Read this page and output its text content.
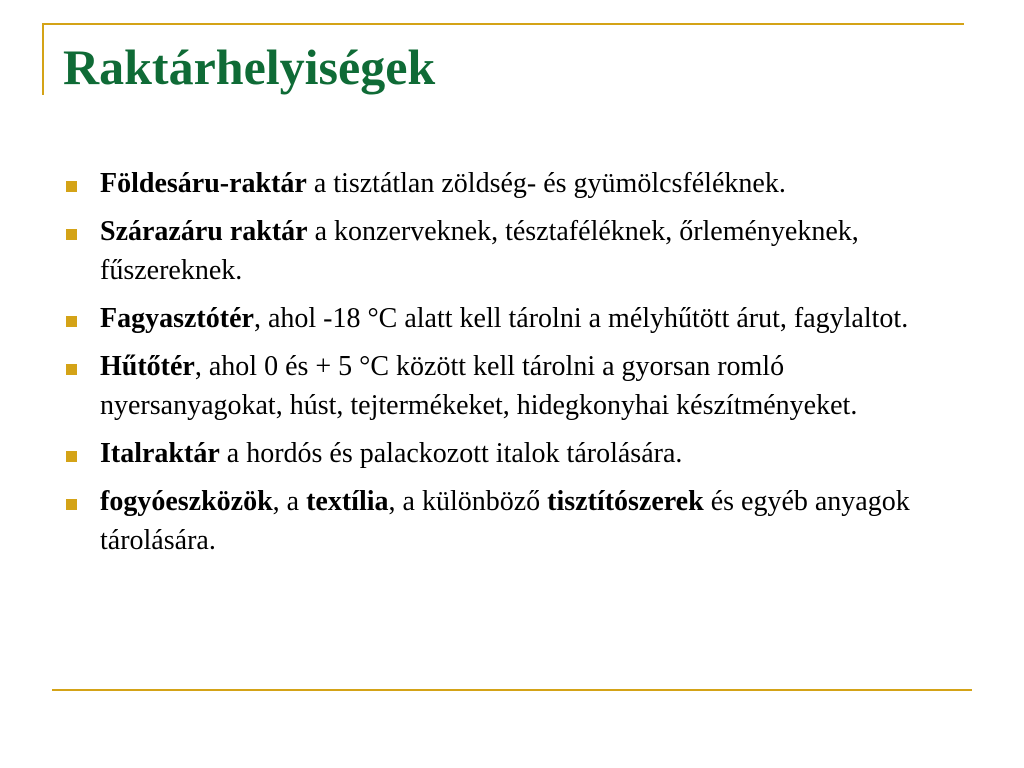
Raktárhelyiségek
Földesáru-raktár a tisztátlan zöldség- és gyümölcsféléknek.
Szárazáru raktár a konzerveknek, tésztaféléknek, őrleményeknek, fűszereknek.
Fagyasztótér, ahol -18 °C alatt kell tárolni a mélyhűtött árut, fagylaltot.
Hűtőtér, ahol 0 és + 5 °C között kell tárolni a gyorsan romló nyersanyagokat, húst, tejtermékeket, hidegkonyhai készítményeket.
Italraktár a hordós és palackozott italok tárolására.
fogyóeszközök, a textília, a különböző tisztítószerek és egyéb anyagok tárolására.
